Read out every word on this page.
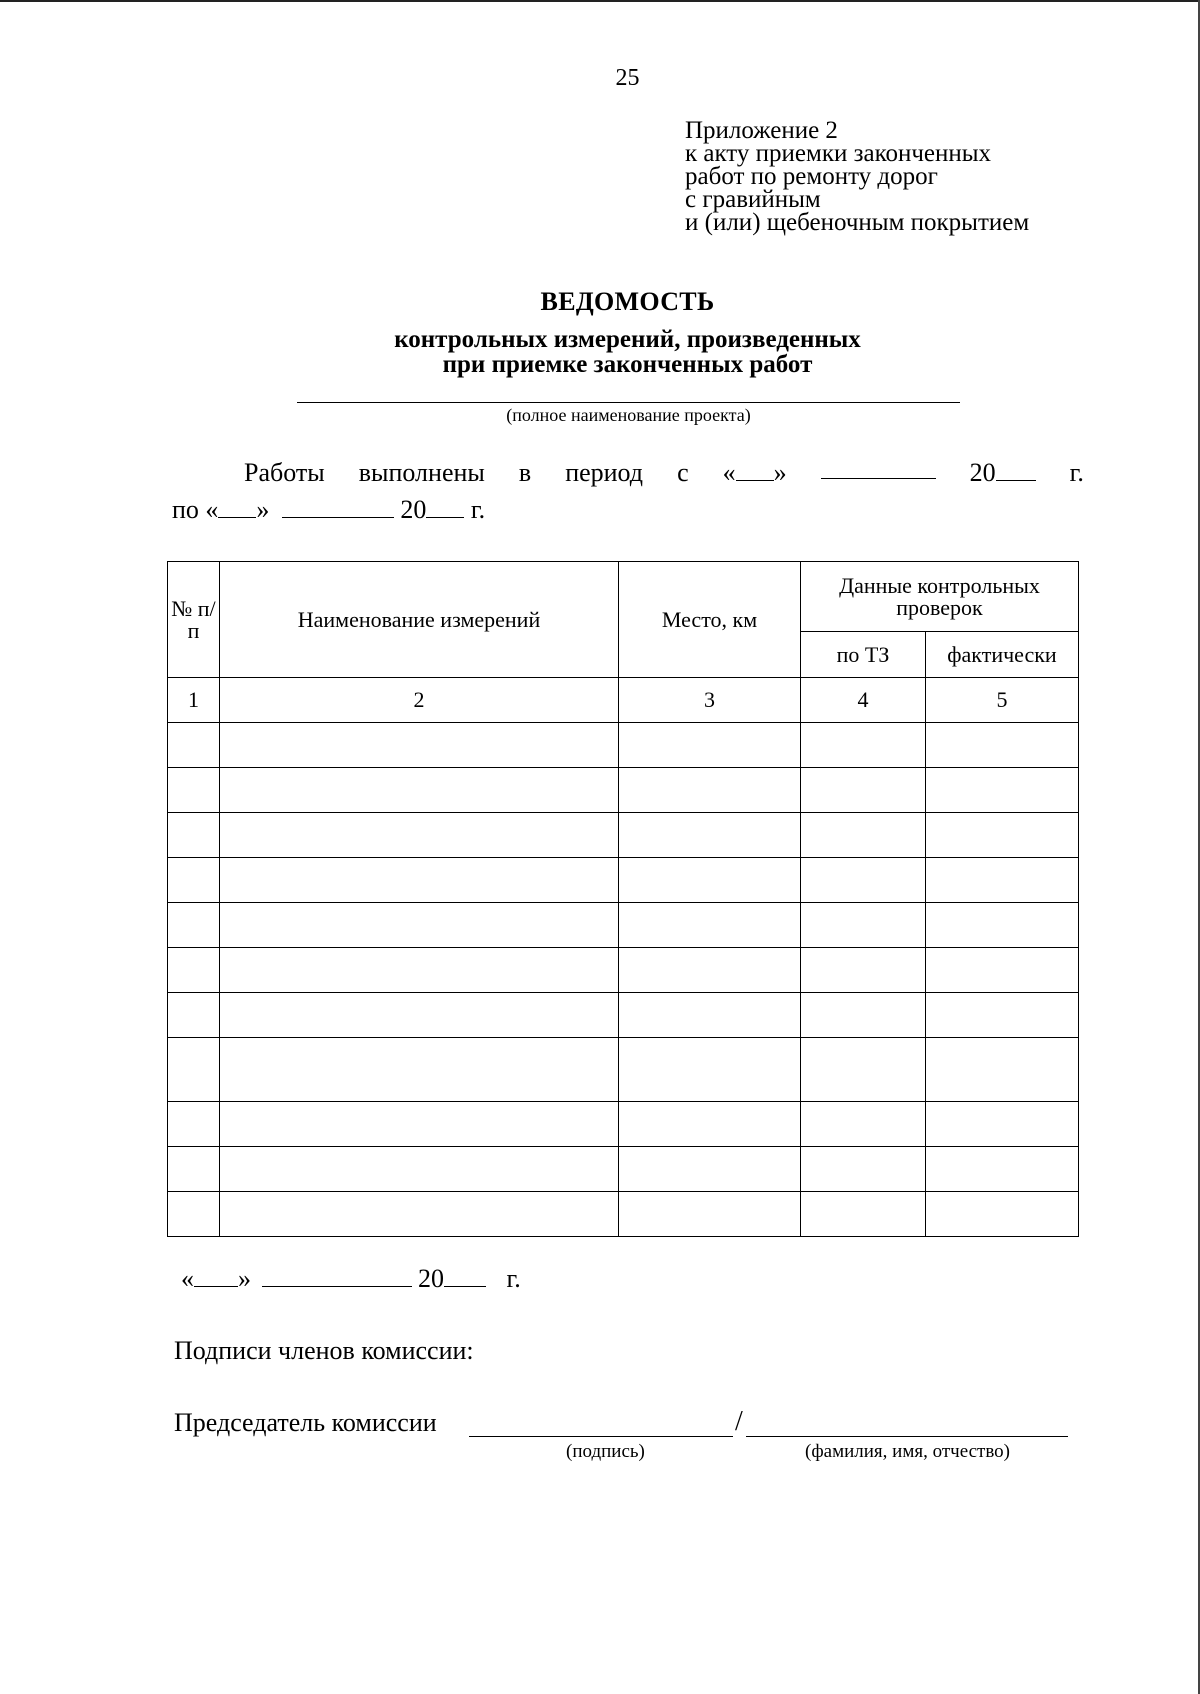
25
Приложение 2
к акту приемки законченных
работ по ремонту дорог
с гравийным
и (или) щебеночным покрытием
ВЕДОМОСТЬ
контрольных измерений, произведенных
при приемке законченных работ
(полное наименование проекта)
Работы выполнены в период с « »	20	г.
по « »	20 г.
№ п/п	Наименование измерений	Место, км	Данные контрольных проверок	
			по ТЗ	фактически
1	2	3	4	5

« »	20 г.
Подписи членов комиссии:
Председатель комиссии	/
(подпись)	(фамилия, имя, отчество)
